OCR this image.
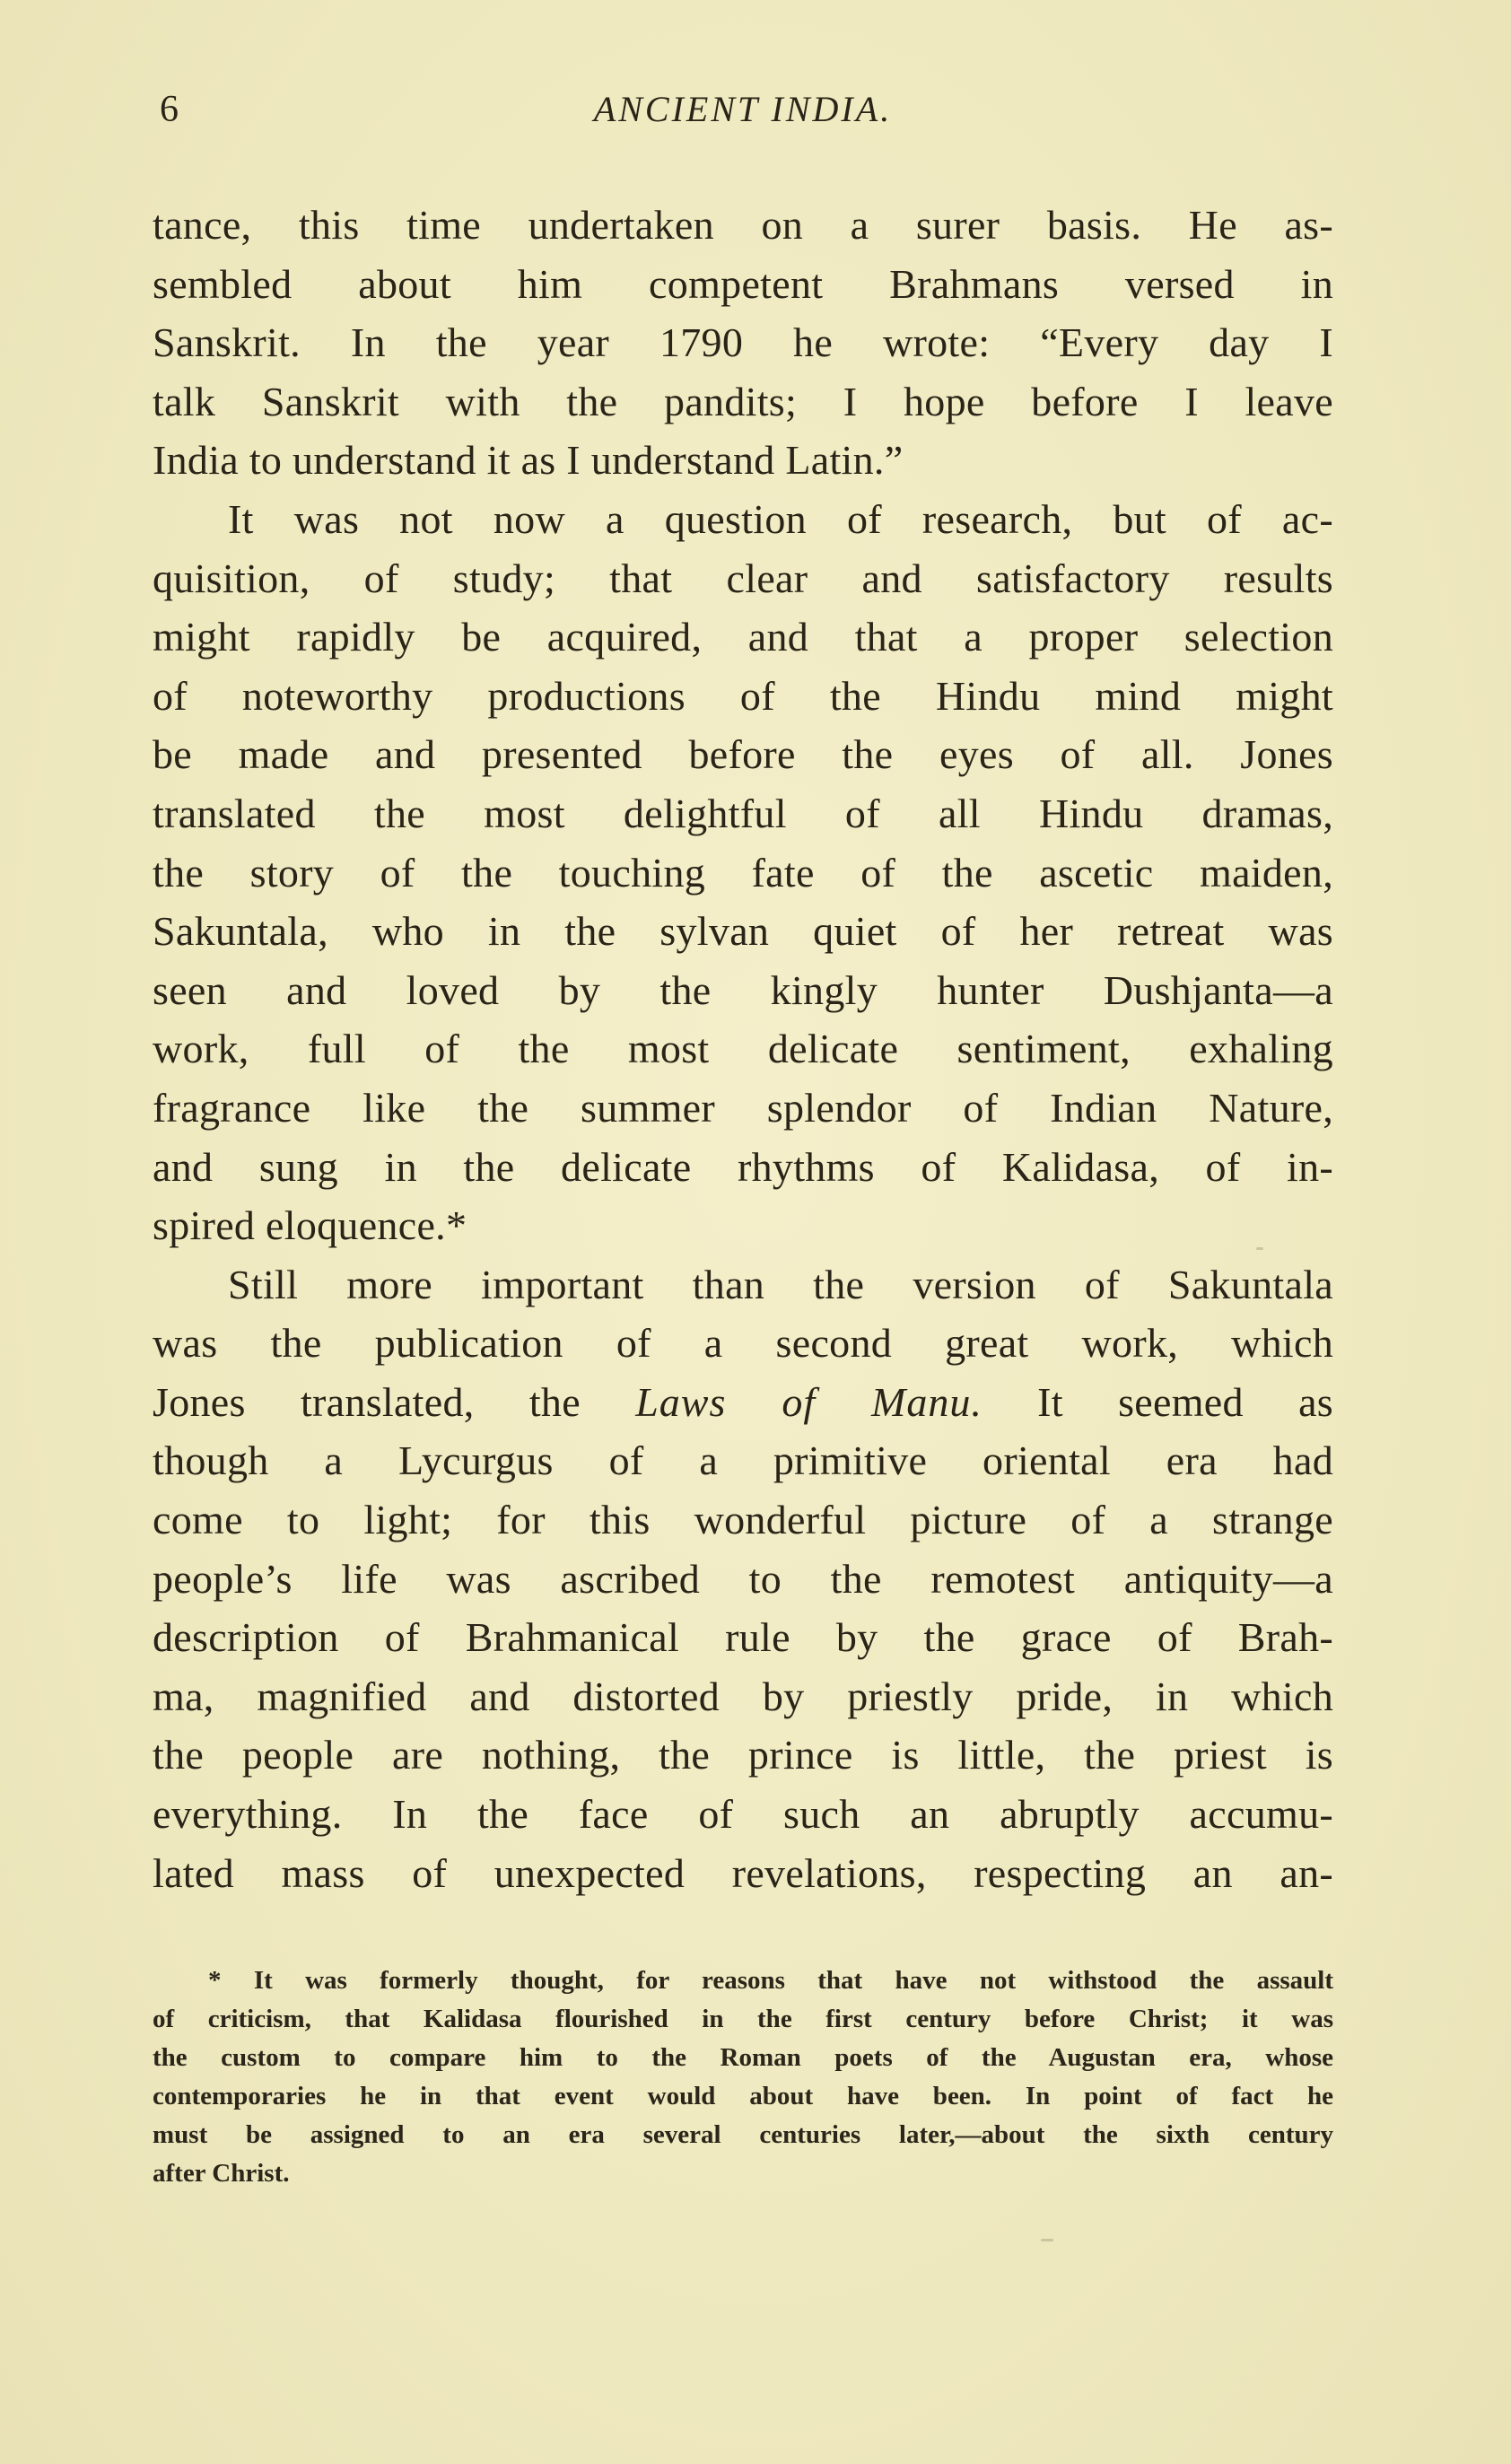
6	ANCIENT INDIA.
tance, this time undertaken on a surer basis. He as-
sembled about him competent Brahmans versed in
Sanskrit. In the year 1790 he wrote: “Every day I
talk Sanskrit with the pandits; I hope before I leave
India to understand it as I understand Latin.”
It was not now a question of research, but of ac-
quisition, of study; that clear and satisfactory results
might rapidly be acquired, and that a proper selection
of noteworthy productions of the Hindu mind might
be made and presented before the eyes of all. Jones
translated the most delightful of all Hindu dramas,
the story of the touching fate of the ascetic maiden,
Sakuntala, who in the sylvan quiet of her retreat was
seen and loved by the kingly hunter Dushjanta—a
work, full of the most delicate sentiment, exhaling
fragrance like the summer splendor of Indian Nature,
and sung in the delicate rhythms of Kalidasa, of in-
spired eloquence.*
Still more important than the version of Sakuntala
was the publication of a second great work, which
Jones translated, the Laws of Manu. It seemed as
though a Lycurgus of a primitive oriental era had
come to light; for this wonderful picture of a strange
people’s life was ascribed to the remotest antiquity—a
description of Brahmanical rule by the grace of Brah-
ma, magnified and distorted by priestly pride, in which
the people are nothing, the prince is little, the priest is
everything. In the face of such an abruptly accumu-
lated mass of unexpected revelations, respecting an an-
* It was formerly thought, for reasons that have not withstood the assault
of criticism, that Kalidasa flourished in the first century before Christ; it was
the custom to compare him to the Roman poets of the Augustan era, whose
contemporaries he in that event would about have been. In point of fact he
must be assigned to an era several centuries later,—about the sixth century
after Christ.
